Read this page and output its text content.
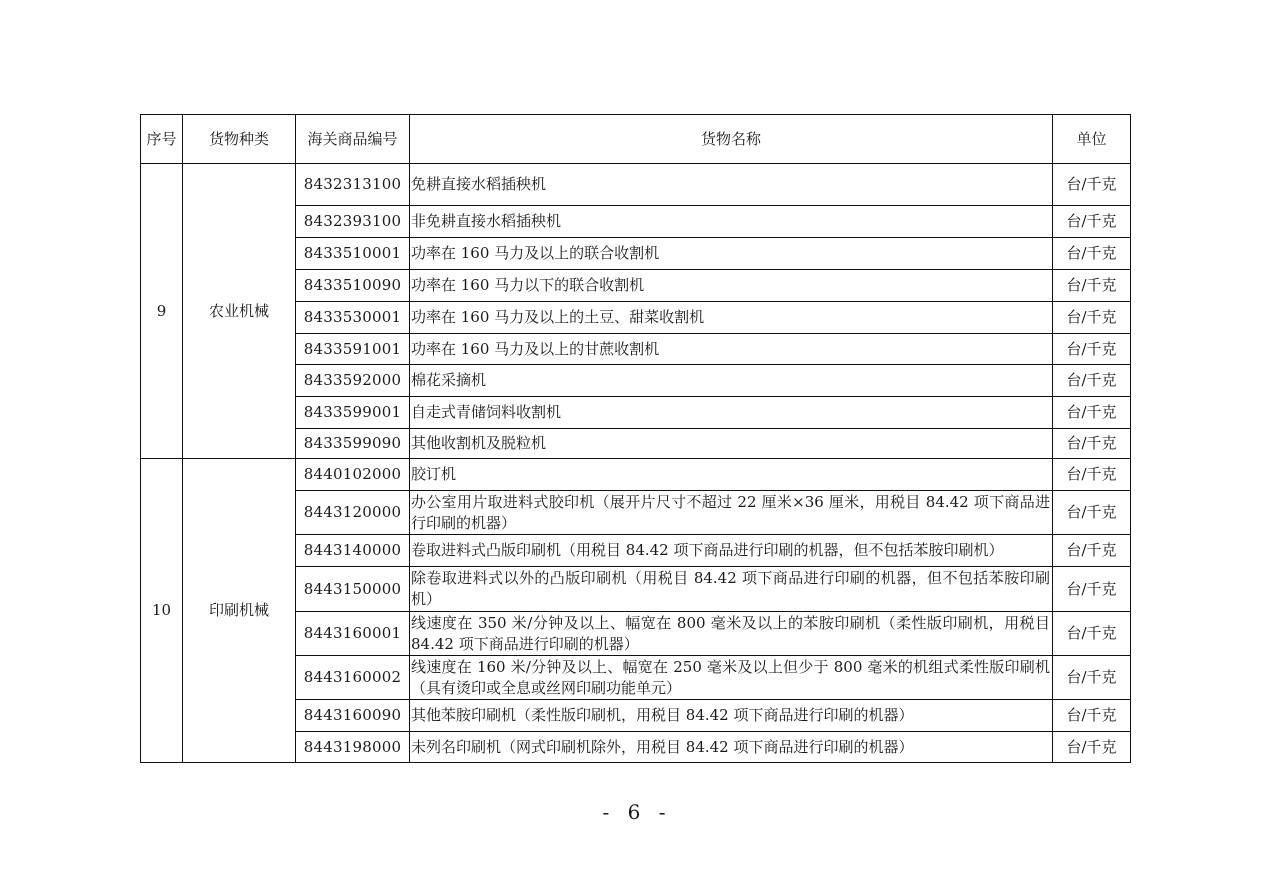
序号	货物种类	海关商品编号	货物名称	单位
9	农业机械	8432313100	免耕直接水稻插秧机	台/千克
		8432393100	非免耕直接水稻插秧机	台/千克
		8433510001	功率在 160 马力及以上的联合收割机	台/千克
		8433510090	功率在 160 马力以下的联合收割机	台/千克
		8433530001	功率在 160 马力及以上的土豆、甜菜收割机	台/千克
		8433591001	功率在 160 马力及以上的甘蔗收割机	台/千克
		8433592000	棉花采摘机	台/千克
		8433599001	自走式青储饲料收割机	台/千克
		8433599090	其他收割机及脱粒机	台/千克
10	印刷机械	8440102000	胶订机	台/千克
		8443120000	办公室用片取进料式胶印机（展开片尺寸不超过 22 厘米×36 厘米，用税目 84.42 项下商品进行印刷的机器）	台/千克
		8443140000	卷取进料式凸版印刷机（用税目 84.42 项下商品进行印刷的机器，但不包括苯胺印刷机）	台/千克
		8443150000	除卷取进料式以外的凸版印刷机（用税目 84.42 项下商品进行印刷的机器，但不包括苯胺印刷机）	台/千克
		8443160001	线速度在 350 米/分钟及以上、幅宽在 800 毫米及以上的苯胺印刷机（柔性版印刷机，用税目 84.42 项下商品进行印刷的机器）	台/千克
		8443160002	线速度在 160 米/分钟及以上、幅宽在 250 毫米及以上但少于 800 毫米的机组式柔性版印刷机（具有烫印或全息或丝网印刷功能单元）	台/千克
		8443160090	其他苯胺印刷机（柔性版印刷机，用税目 84.42 项下商品进行印刷的机器）	台/千克
		8443198000	未列名印刷机（网式印刷机除外，用税目 84.42 项下商品进行印刷的机器）	台/千克
- 6 -
